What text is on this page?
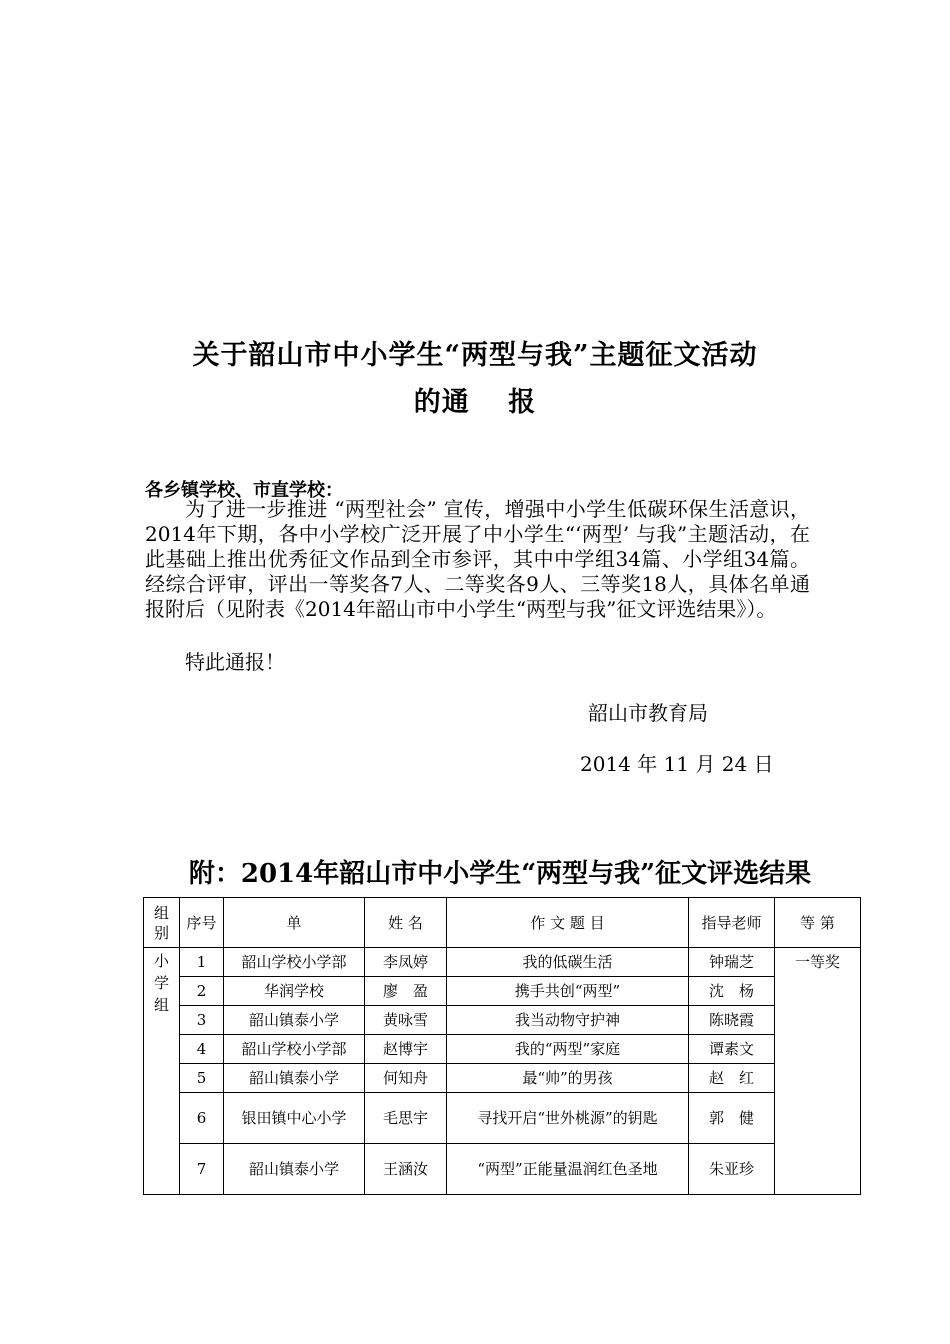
关于韶山市中小学生“两型与我”主题征文活动
的通　 报
各乡镇学校、市直学校：
为了进一步推进 “两型社会” 宣传，增强中小学生低碳环保生活意识，2014年下期，各中小学校广泛开展了中小学生“‘两型’ 与我”主题活动，在此基础上推出优秀征文作品到全市参评，其中中学组34篇、小学组34篇。经综合评审，评出一等奖各7人、二等奖各9人、三等奖18人，具体名单通报附后（见附表《2014年韶山市中小学生“两型与我”征文评选结果》）。
特此通报！
韶山市教育局
2014 年 11 月 24 日
附：2014年韶山市中小学生“两型与我”征文评选结果
组别	序号	单	姓 名	作 文 题 目	指导老师	等 第
小学组	1	韶山学校小学部	李凤婷	我的低碳生活	钟瑞芝	一等奖
	2	华润学校	廖　盈	携手共创“两型”	沈　杨	
	3	韶山镇泰小学	黄咏雪	我当动物守护神	陈晓霞	
	4	韶山学校小学部	赵博宇	我的“两型”家庭	谭素文	
	5	韶山镇泰小学	何知舟	最“帅”的男孩	赵　红	
	6	银田镇中心小学	毛思宇	寻找开启“世外桃源”的钥匙	郭　健	
	7	韶山镇泰小学	王涵汝	“两型”正能量温润红色圣地	朱亚珍	
